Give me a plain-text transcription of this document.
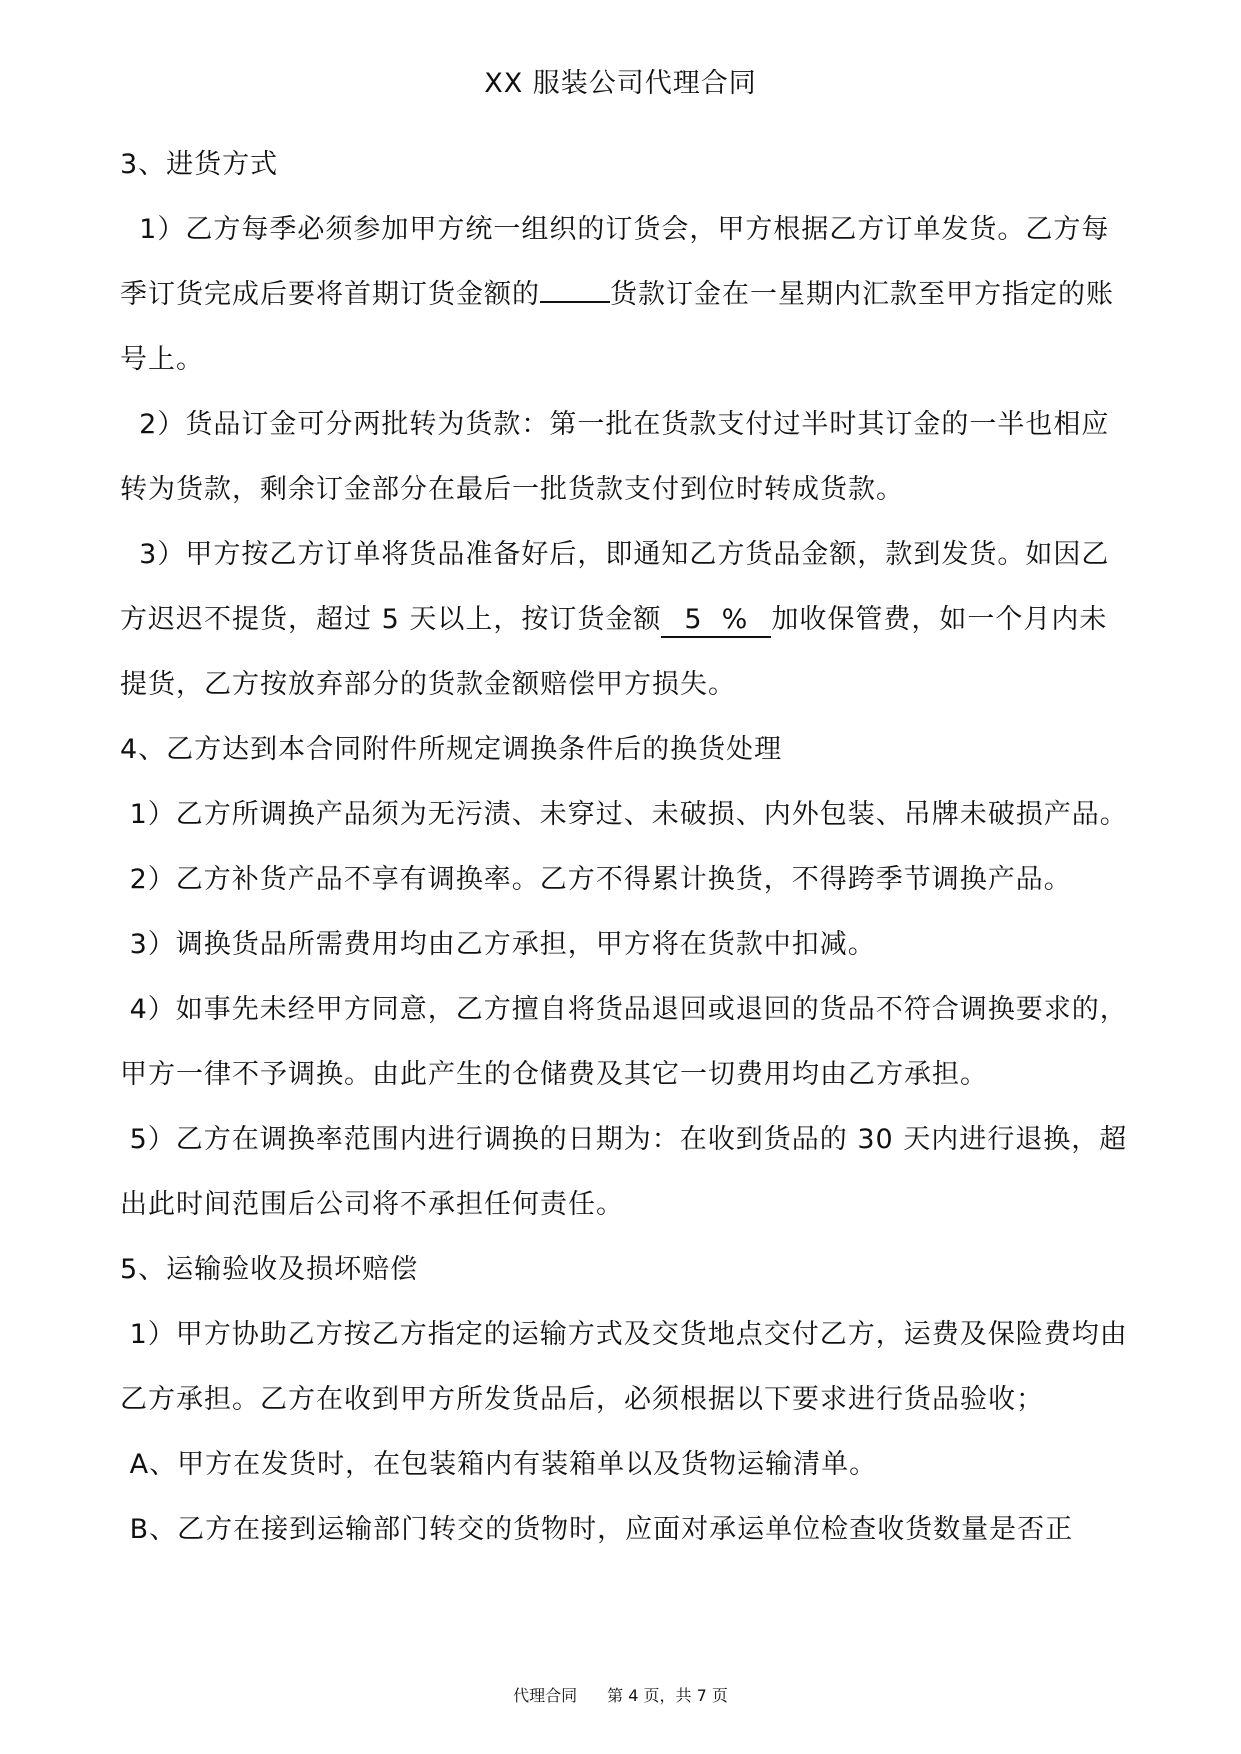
XX 服装公司代理合同

3、进货方式

1）乙方每季必须参加甲方统一组织的订货会，甲方根据乙方订单发货。乙方每季订货完成后要将首期订货金额的	货款订金在一星期内汇款至甲方指定的账号上。

2）货品订金可分两批转为货款：第一批在货款支付过半时其订金的一半也相应转为货款，剩余订金部分在最后一批货款支付到位时转成货款。

3）甲方按乙方订单将货品准备好后，即通知乙方货品金额，款到发货。如因乙方迟迟不提货，超过 5 天以上，按订货金额 5  % 加收保管费，如一个月内未提货，乙方按放弃部分的货款金额赔偿甲方损失。

4、乙方达到本合同附件所规定调换条件后的换货处理

1）乙方所调换产品须为无污渍、未穿过、未破损、内外包装、吊牌未破损产品。

2）乙方补货产品不享有调换率。乙方不得累计换货，不得跨季节调换产品。

3）调换货品所需费用均由乙方承担，甲方将在货款中扣减。

4）如事先未经甲方同意，乙方擅自将货品退回或退回的货品不符合调换要求的，甲方一律不予调换。由此产生的仓储费及其它一切费用均由乙方承担。

5）乙方在调换率范围内进行调换的日期为：在收到货品的 30 天内进行退换，超出此时间范围后公司将不承担任何责任。

5、运输验收及损坏赔偿

1）甲方协助乙方按乙方指定的运输方式及交货地点交付乙方，运费及保险费均由乙方承担。乙方在收到甲方所发货品后，必须根据以下要求进行货品验收；

A、甲方在发货时，在包装箱内有装箱单以及货物运输清单。

B、乙方在接到运输部门转交的货物时，应面对承运单位检查收货数量是否正

代理合同 第 4 页，共 7 页
